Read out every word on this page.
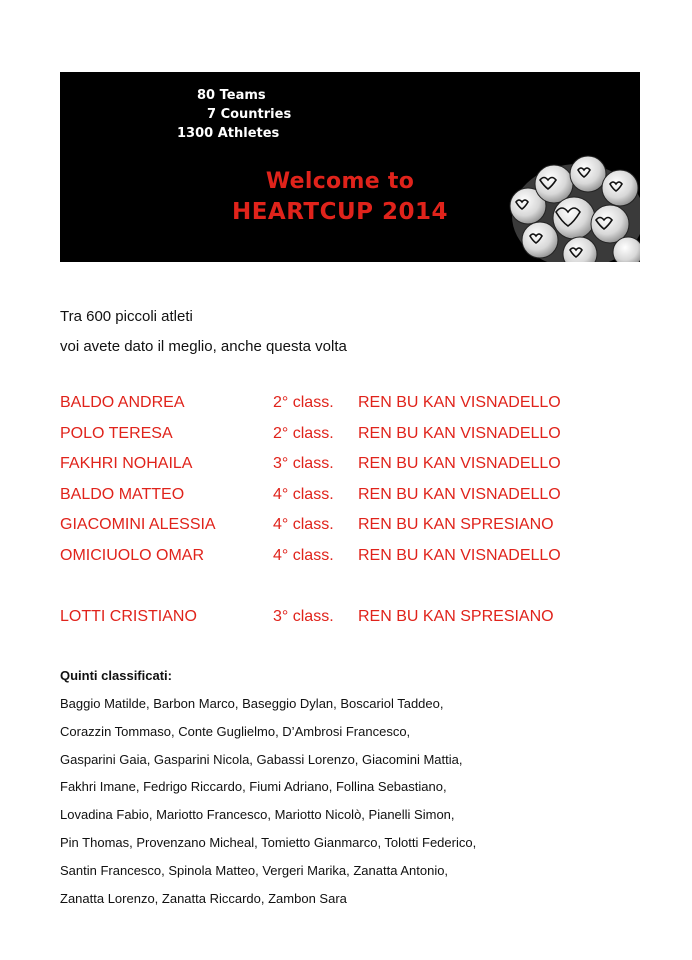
80 Teams
7 Countries
1300 Athletes
Welcome to
HEARTCUP 2014
Tra 600 piccoli atleti
voi avete dato il meglio, anche questa volta
BALDO ANDREA	2° class. REN BU KAN VISNADELLO
POLO TERESA	2° class. REN BU KAN VISNADELLO
FAKHRI NOHAILA	3° class. REN BU KAN VISNADELLO
BALDO MATTEO	4° class. REN BU KAN VISNADELLO
GIACOMINI ALESSIA	4° class. REN BU KAN SPRESIANO
OMICIUOLO OMAR	4° class. REN BU KAN VISNADELLO
LOTTI CRISTIANO	3° class. REN BU KAN SPRESIANO
Quinti classificati:
Baggio Matilde, Barbon Marco, Baseggio Dylan, Boscariol Taddeo,
Corazzin Tommaso, Conte Guglielmo, D’Ambrosi Francesco,
Gasparini Gaia, Gasparini Nicola, Gabassi Lorenzo, Giacomini Mattia,
Fakhri Imane, Fedrigo Riccardo, Fiumi Adriano, Follina Sebastiano,
Lovadina Fabio, Mariotto Francesco, Mariotto Nicolò, Pianelli Simon,
Pin Thomas, Provenzano Micheal, Tomietto Gianmarco, Tolotti Federico,
Santin Francesco, Spinola Matteo, Vergeri Marika, Zanatta Antonio,
Zanatta Lorenzo, Zanatta Riccardo, Zambon Sara
